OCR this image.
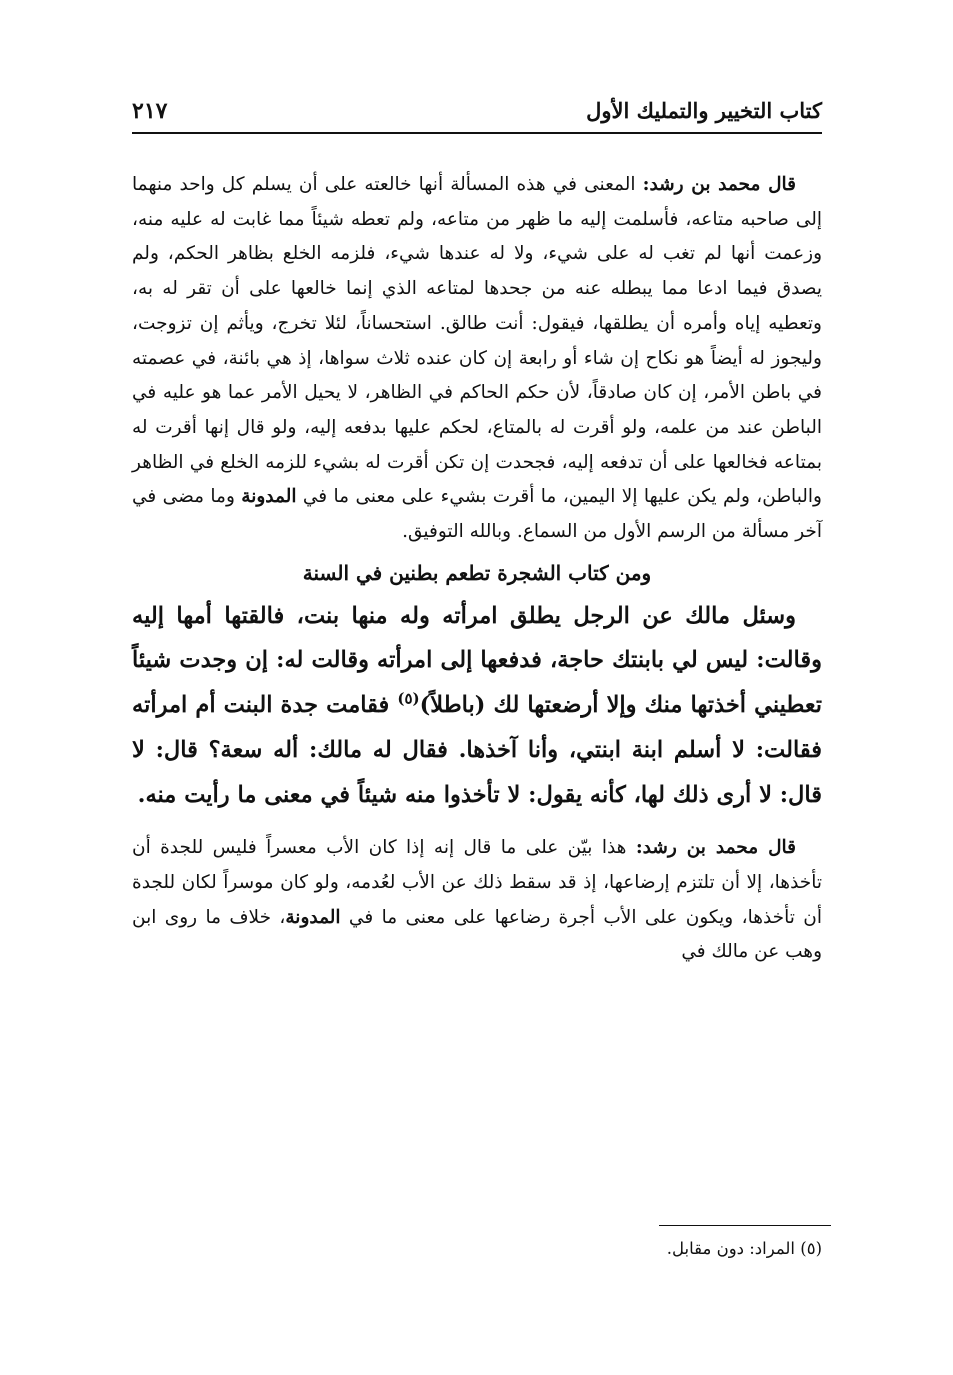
كتاب التخيير والتمليك الأول
٢١٧

قال محمد بن رشد: المعنى في هذه المسألة أنها خالعته على أن يسلم كل واحد منهما إلى صاحبه متاعه، فأسلمت إليه ما ظهر من متاعه، ولم تعطه شيئاً مما غابت له عليه منه، وزعمت أنها لم تغب له على شيء، ولا له عندها شيء، فلزمه الخلع بظاهر الحكم، ولم يصدق فيما ادعا مما يبطله عنه من جحدها لمتاعه الذي إنما خالعها على أن تقر له به، وتعطيه إياه وأمره أن يطلقها، فيقول: أنت طالق. استحساناً، لئلا تخرج، ويأثم إن تزوجت، وليجوز له أيضاً هو نكاح إن شاء أو رابعة إن كان عنده ثلاث سواها، إذ هي بائنة، في عصمته في باطن الأمر، إن كان صادقاً، لأن حكم الحاكم في الظاهر، لا يحيل الأمر عما هو عليه في الباطن عند من علمه، ولو أقرت له بالمتاع، لحكم عليها بدفعه إليه، ولو قال إنها أقرت له بمتاعه فخالعها على أن تدفعه إليه، فجحدت إن تكن أقرت له بشيء للزمه الخلع في الظاهر والباطن، ولم يكن عليها إلا اليمين، ما أقرت بشيء على معنى ما في المدونة وما مضى في آخر مسألة من الرسم الأول من السماع. وبالله التوفيق.

ومن كتاب الشجرة تطعم بطنين في السنة

وسئل مالك عن الرجل يطلق امرأته وله منها بنت، فالقتها أمها إليه وقالت: ليس لي بابنتك حاجة، فدفعها إلى امرأته وقالت له: إن وجدت شيئاً تعطيني أخذتها منك وإلا أرضعتها لك (باطلاً)$^{(٥)}$ فقامت جدة البنت أم امرأته فقالت: لا أسلم ابنة ابنتي، وأنا آخذها. فقال له مالك: أله سعة؟ قال: لا قال: لا أرى ذلك لها، كأنه يقول: لا تأخذوا منه شيئاً في معنى ما رأيت منه.

قال محمد بن رشد: هذا بيّن على ما قال إنه إذا كان الأب معسراً فليس للجدة أن تأخذها، إلا أن تلتزم إرضاعها، إذ قد سقط ذلك عن الأب لعُدمه، ولو كان موسراً لكان للجدة أن تأخذها، ويكون على الأب أجرة رضاعها على معنى ما في المدونة، خلاف ما روى ابن وهب عن مالك في

(٥) المراد: دون مقابل.
